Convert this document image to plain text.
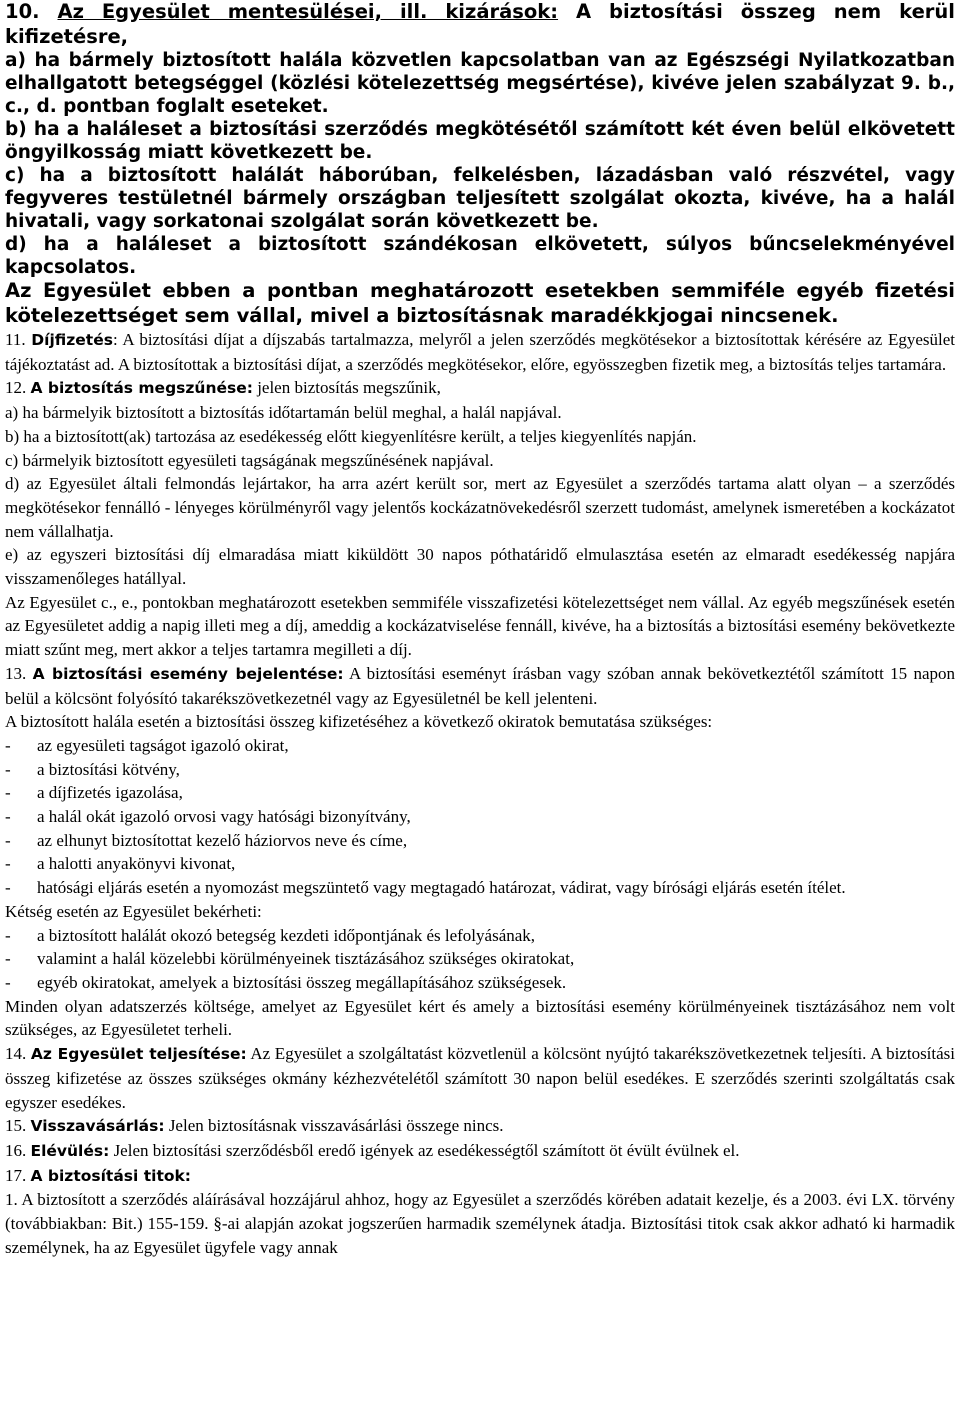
10. Az Egyesület mentesülései, ill. kizárások: A biztosítási összeg nem kerül kifizetésre,

a) ha bármely biztosított halála közvetlen kapcsolatban van az Egészségi Nyilatkozatban elhallgatott betegséggel (közlési kötelezettség megsértése), kivéve jelen szabályzat 9. b., c., d. pontban foglalt eseteket.

b) ha a haláleset a biztosítási szerződés megkötésétől számított két éven belül elkövetett öngyilkosság miatt következett be.

c) ha a biztosított halálát háborúban, felkelésben, lázadásban való részvétel, vagy fegyveres testületnél bármely országban teljesített szolgálat okozta, kivéve, ha a halál hivatali, vagy sorkatonai szolgálat során következett be.

d) ha a haláleset a biztosított szándékosan elkövetett, súlyos bűncselekményével kapcsolatos.

Az Egyesület ebben a pontban meghatározott esetekben semmiféle egyéb fizetési kötelezettséget sem vállal, mivel a biztosításnak maradékkjogai nincsenek.

11. Díjfizetés: A biztosítási díjat a díjszabás tartalmazza, melyről a jelen szerződés megkötésekor a biztosítottak kérésére az Egyesület tájékoztatást ad. A biztosítottak a biztosítási díjat, a szerződés megkötésekor, előre, egyösszegben fizetik meg, a biztosítás teljes tartamára.

12. A biztosítás megszűnése: jelen biztosítás megszűnik,

a) ha bármelyik biztosított a biztosítás időtartamán belül meghal, a halál napjával.

b) ha a biztosított(ak) tartozása az esedékesség előtt kiegyenlítésre került, a teljes kiegyenlítés napján.

c) bármelyik biztosított egyesületi tagságának megszűnésének napjával.

d) az Egyesület általi felmondás lejártakor, ha arra azért került sor, mert az Egyesület a szerződés tartama alatt olyan – a szerződés megkötésekor fennálló - lényeges körülményről vagy jelentős kockázatnövekedésről szerzett tudomást, amelynek ismeretében a kockázatot nem vállalhatja.

e) az egyszeri biztosítási díj elmaradása miatt kiküldött 30 napos póthatáridő elmulasztása esetén az elmaradt esedékesség napjára visszamenőleges hatállyal.

Az Egyesület c., e., pontokban meghatározott esetekben semmiféle visszafizetési kötelezettséget nem vállal. Az egyéb megszűnések esetén az Egyesületet addig a napig illeti meg a díj, ameddig a kockázatviselése fennáll, kivéve, ha a biztosítás a biztosítási esemény bekövetkezte miatt szűnt meg, mert akkor a teljes tartamra megilleti a díj.

13. A biztosítási esemény bejelentése: A biztosítási eseményt írásban vagy szóban annak bekövetkeztétől számított 15 napon belül a kölcsönt folyósító takarékszövetkezetnél vagy az Egyesületnél be kell jelenteni.

A biztosított halála esetén a biztosítási összeg kifizetéséhez a következő okiratok bemutatása szükséges:

-	az egyesületi tagságot igazoló okirat,
-	a biztosítási kötvény,
-	a díjfizetés igazolása,
-	a halál okát igazoló orvosi vagy hatósági bizonyítvány,
-	az elhunyt biztosítottat kezelő háziorvos neve és címe,
-	a halotti anyakönyvi kivonat,
-	hatósági eljárás esetén a nyomozást megszüntető vagy megtagadó határozat, vádirat, vagy bírósági eljárás esetén ítélet.

Kétség esetén az Egyesület bekérheti:

-	a biztosított halálát okozó betegség kezdeti időpontjának és lefolyásának,
-	valamint a halál közelebbi körülményeinek tisztázásához szükséges okiratokat,
-	egyéb okiratokat, amelyek a biztosítási összeg megállapításához szükségesek.

Minden olyan adatszerzés költsége, amelyet az Egyesület kért és amely a biztosítási esemény körülményeinek tisztázásához nem volt szükséges, az Egyesületet terheli.

14. Az Egyesület teljesítése: Az Egyesület a szolgáltatást közvetlenül a kölcsönt nyújtó takarékszövetkezetnek teljesíti. A biztosítási összeg kifizetése az összes szükséges okmány kézhezvételétől számított 30 napon belül esedékes. E szerződés szerinti szolgáltatás csak egyszer esedékes.

15. Visszavásárlás: Jelen biztosításnak visszavásárlási összege nincs.

16. Elévülés: Jelen biztosítási szerződésből eredő igények az esedékességtől számított öt évült évülnek el.

17. A biztosítási titok:

1. A biztosított a szerződés aláírásával hozzájárul ahhoz, hogy az Egyesület a szerződés körében adatait kezelje, és a 2003. évi LX. törvény (továbbiakban: Bit.) 155-159. §-ai alapján azokat jogszerűen harmadik személynek átadja. Biztosítási titok csak akkor adható ki harmadik személynek, ha az Egyesület ügyfele vagy annak
